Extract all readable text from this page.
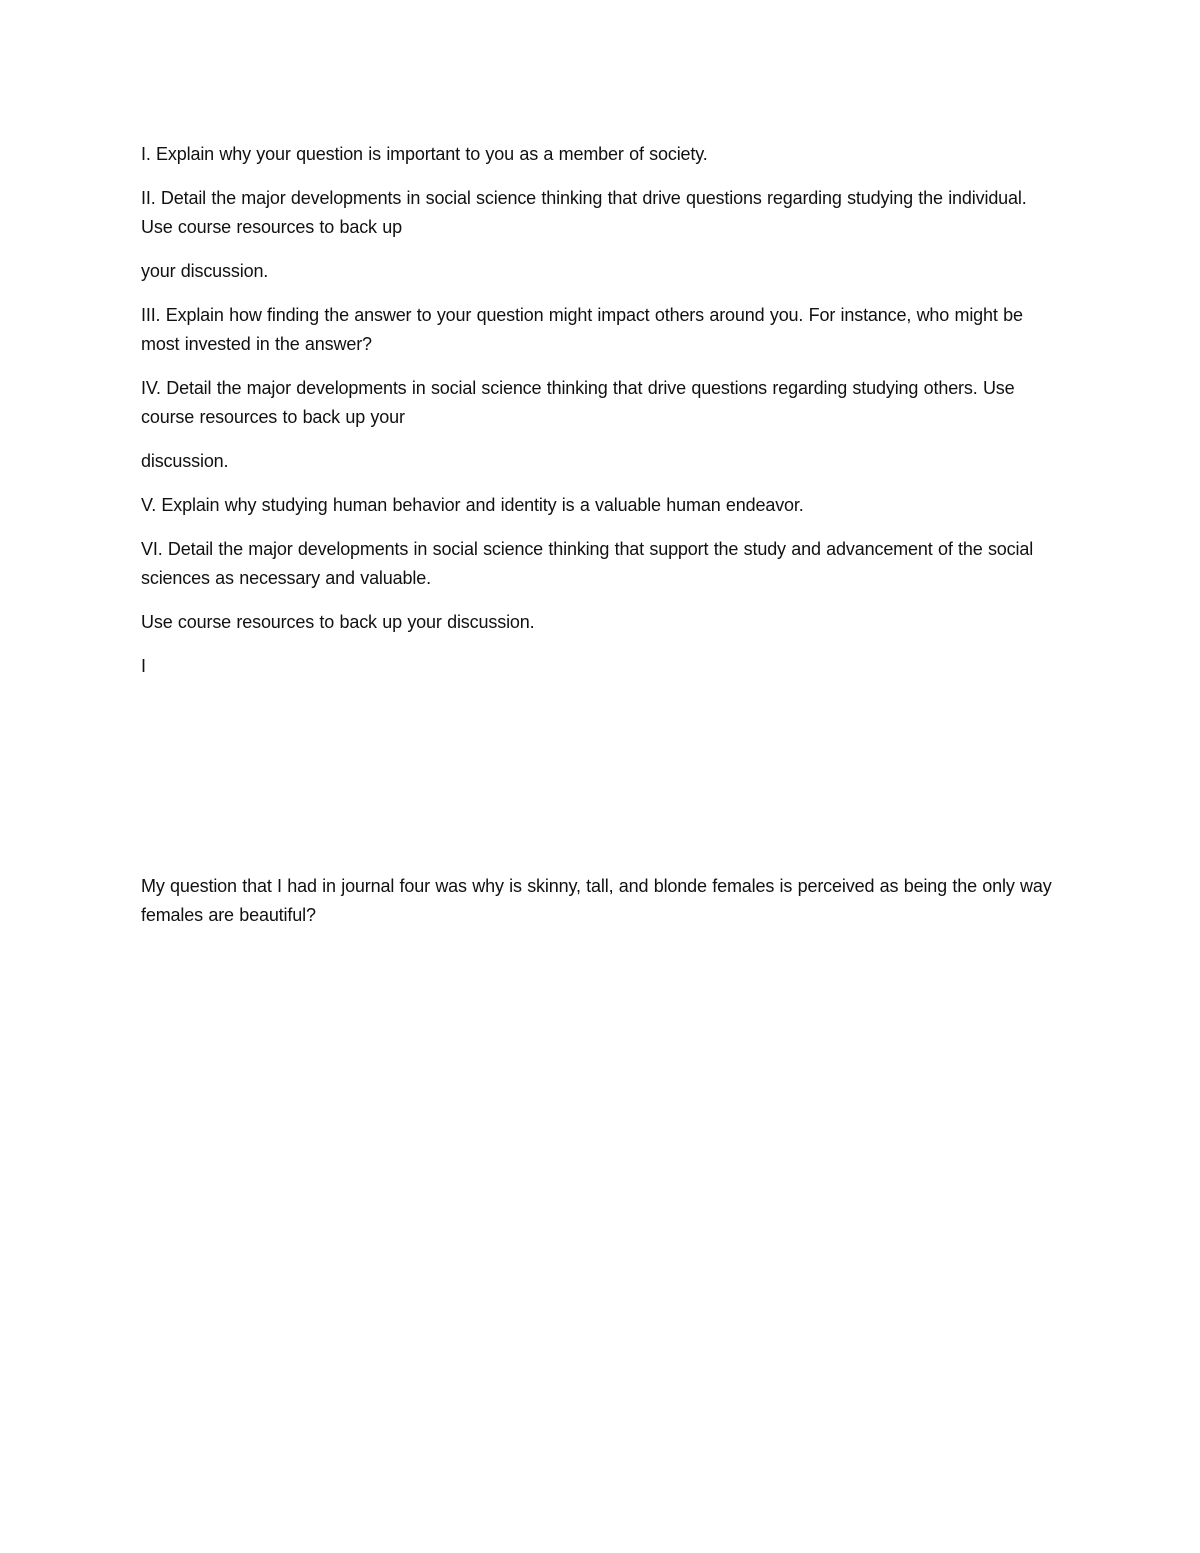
I. Explain why your question is important to you as a member of society.

II. Detail the major developments in social science thinking that drive questions regarding studying the individual. Use course resources to back up

your discussion.

III. Explain how finding the answer to your question might impact others around you. For instance, who might be most invested in the answer?

IV. Detail the major developments in social science thinking that drive questions regarding studying others. Use course resources to back up your

discussion.

V. Explain why studying human behavior and identity is a valuable human endeavor.

VI. Detail the major developments in social science thinking that support the study and advancement of the social sciences as necessary and valuable.

Use course resources to back up your discussion.

I

My question that I had in journal four was why is skinny, tall, and blonde females is perceived as being the only way females are beautiful?
